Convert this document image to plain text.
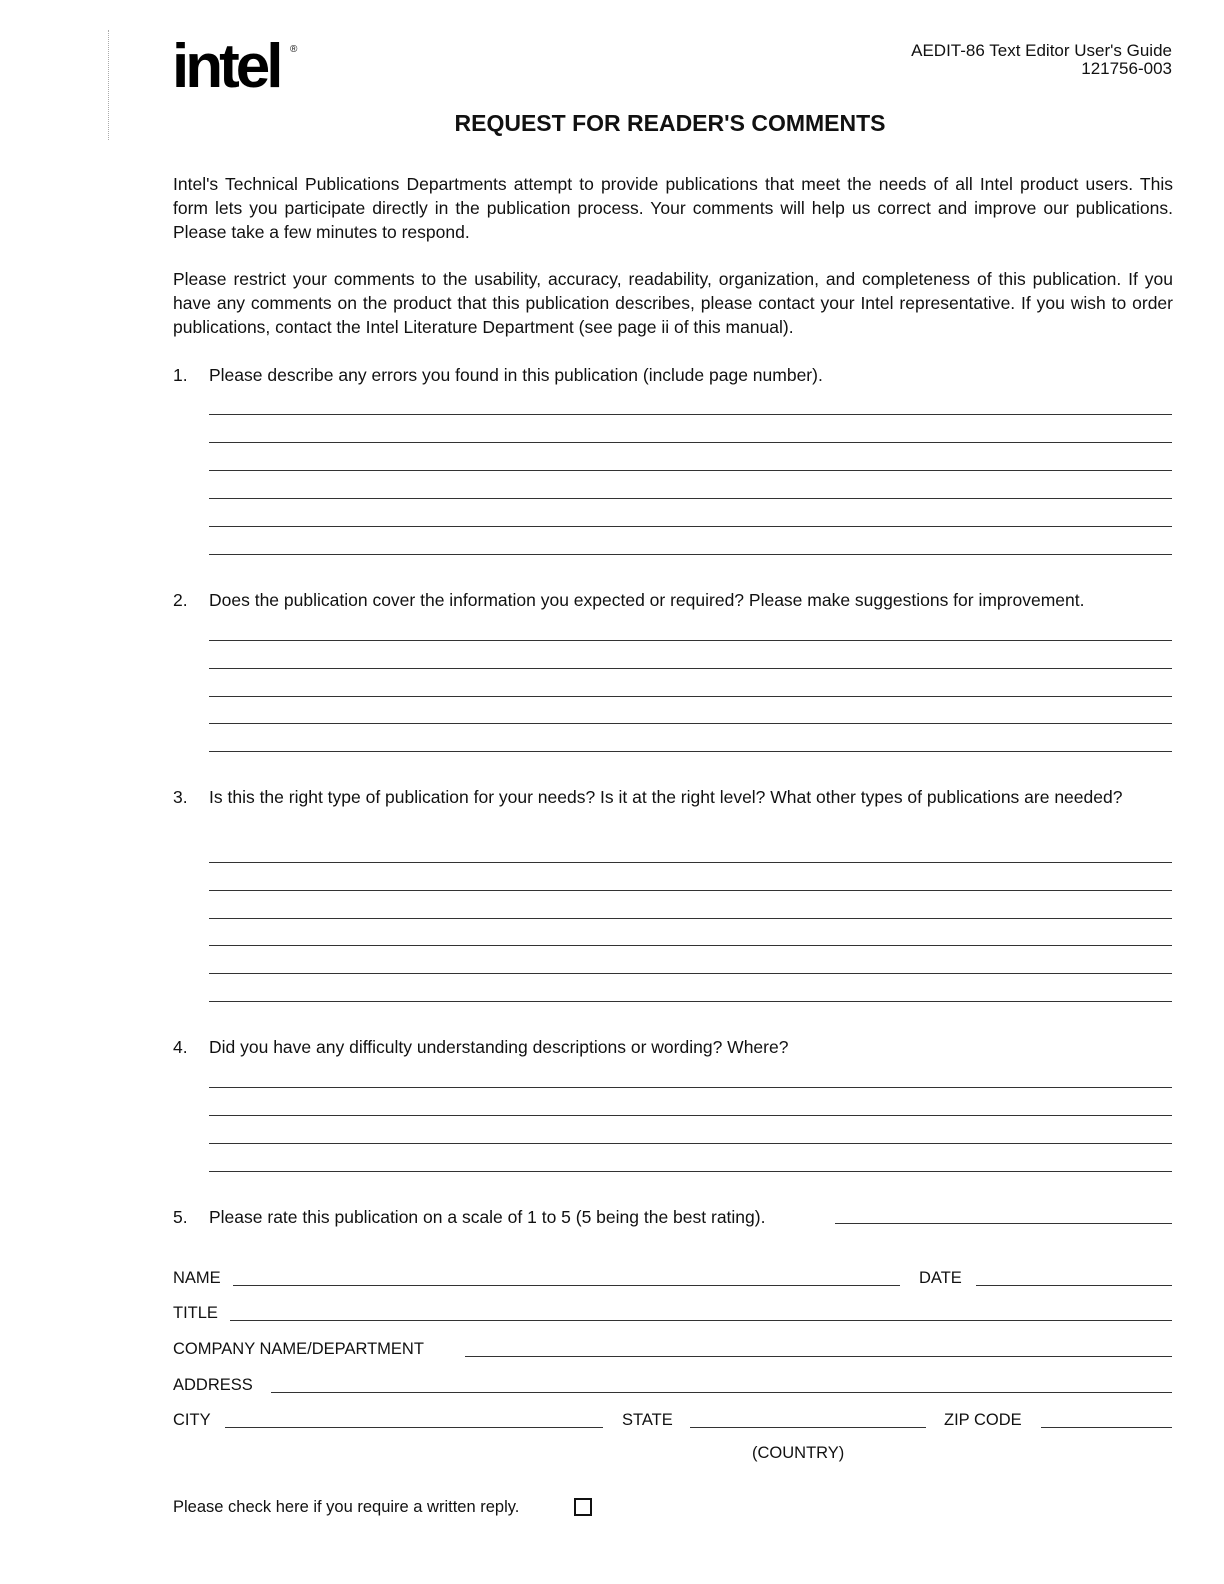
intel ®	AEDIT-86 Text Editor User's Guide
121756-003
REQUEST FOR READER'S COMMENTS
Intel's Technical Publications Departments attempt to provide publications that meet the needs of all Intel product users. This form lets you participate directly in the publication process. Your comments will help us correct and improve our publications. Please take a few minutes to respond.
Please restrict your comments to the usability, accuracy, readability, organization, and completeness of this publication. If you have any comments on the product that this publication describes, please contact your Intel representative. If you wish to order publications, contact the Intel Literature Department (see page ii of this manual).
1. Please describe any errors you found in this publication (include page number).
2. Does the publication cover the information you expected or required? Please make suggestions for improvement.
3. Is this the right type of publication for your needs? Is it at the right level? What other types of publications are needed?
4. Did you have any difficulty understanding descriptions or wording? Where?
5. Please rate this publication on a scale of 1 to 5 (5 being the best rating).
NAME	DATE
TITLE
COMPANY NAME/DEPARTMENT
ADDRESS
CITY	STATE	ZIP CODE
(COUNTRY)
Please check here if you require a written reply.
